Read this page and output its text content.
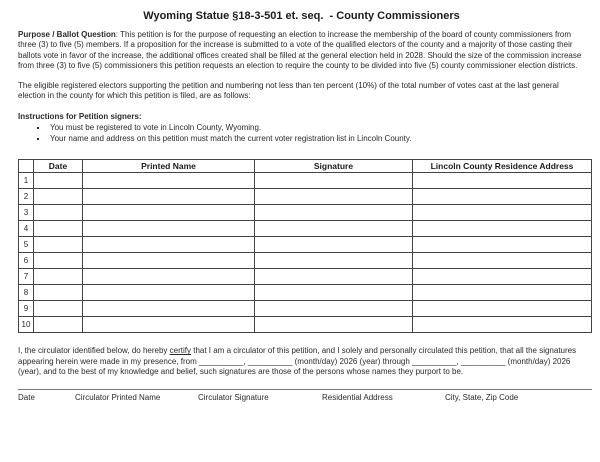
Wyoming Statue §18-3-501 et. seq.  - County Commissioners

Purpose / Ballot Question: This petition is for the purpose of requesting an election to increase the membership of the board of county commissioners from three (3) to five (5) members. If a proposition for the increase is submitted to a vote of the qualified electors of the county and a majority of those casting their ballots vote in favor of the increase, the additional offices created shall be filled at the general election held in 2028. Should the size of the commission increase from three (3) to five (5) commissioners this petition requests an election to require the county to be divided into five (5) county commissioner election districts.

The eligible registered electors supporting the petition and numbering not less than ten percent (10%) of the total number of votes cast at the last general election in the county for which this petition is filed, are as follows:

Instructions for Petition signers:

▪ You must be registered to vote in Lincoln County, Wyoming.
▪ Your name and address on this petition must match the current voter registration list in Lincoln County.
	Date	Printed Name	Signature	Lincoln County Residence Address
1				
2				
3				
4				
5				
6				
7				
8				
9				
10				

I, the circulator identified below, do hereby certify that I am a circulator of this petition, and I solely and personally circulated this petition, that all the signatures appearing herein were made in my presence, from __________, __________ (month/day) 2026 (year) through __________, __________ (month/day) 2026 (year), and to the best of my knowledge and belief, such signatures are those of the persons whose names they purport to be.

Date	Circulator Printed Name	Circulator Signature	Residential Address	City, State, Zip Code
